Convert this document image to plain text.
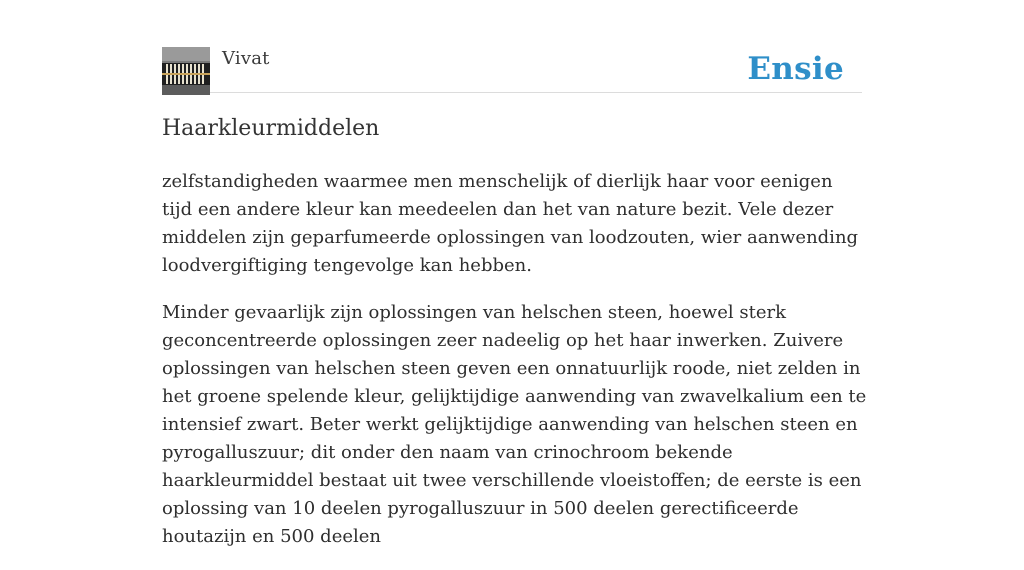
Vivat	Ensie
Haarkleurmiddelen

zelfstandigheden waarmee men menschelijk of dierlijk haar voor eenigen tijd een andere kleur kan meedeelen dan het van nature bezit. Vele dezer middelen zijn geparfumeerde oplossingen van loodzouten, wier aanwending loodvergiftiging tengevolge kan hebben.

Minder gevaarlijk zijn oplossingen van helschen steen, hoewel sterk geconcentreerde oplossingen zeer nadeelig op het haar inwerken. Zuivere oplossingen van helschen steen geven een onnatuurlijk roode, niet zelden in het groene spelende kleur, gelijktijdige aanwending van zwavelkalium een te intensief zwart. Beter werkt gelijktijdige aanwending van helschen steen en pyrogalluszuur; dit onder den naam van crinochroom bekende haarkleurmiddel bestaat uit twee verschillende vloeistoffen; de eerste is een oplossing van 10 deelen pyrogalluszuur in 500 deelen gerectificeerde houtazijn en 500 deelen
